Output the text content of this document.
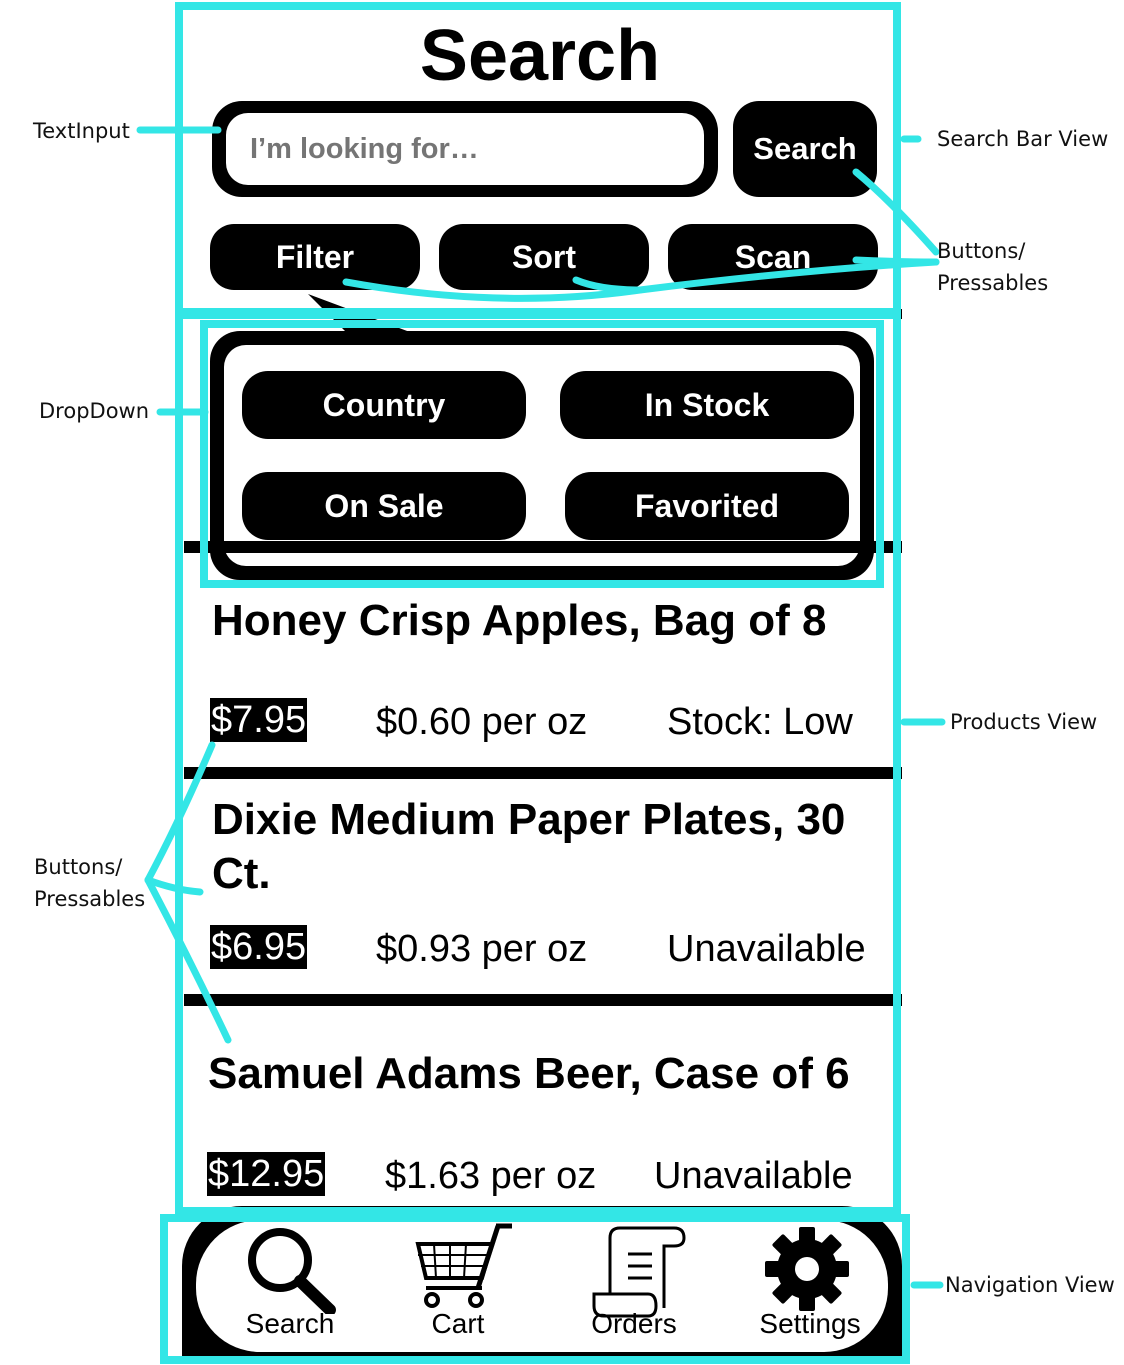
Search
I’m looking for…
Search
Filter	Sort	Scan
Country	In Stock
On Sale	Favorited
Honey Crisp Apples, Bag of 8
$7.95 $0.60 per oz Stock: Low
Dixie Medium Paper Plates, 30
Ct.
$6.95 $0.93 per oz Unavailable
Samuel Adams Beer, Case of 6
$12.95 $1.63 per oz Unavailable
Search	Cart	Orders	Settings
TextInput	Search Bar View
Buttons/
Pressables
DropDown
Products View
Buttons/
Pressables
Navigation View
